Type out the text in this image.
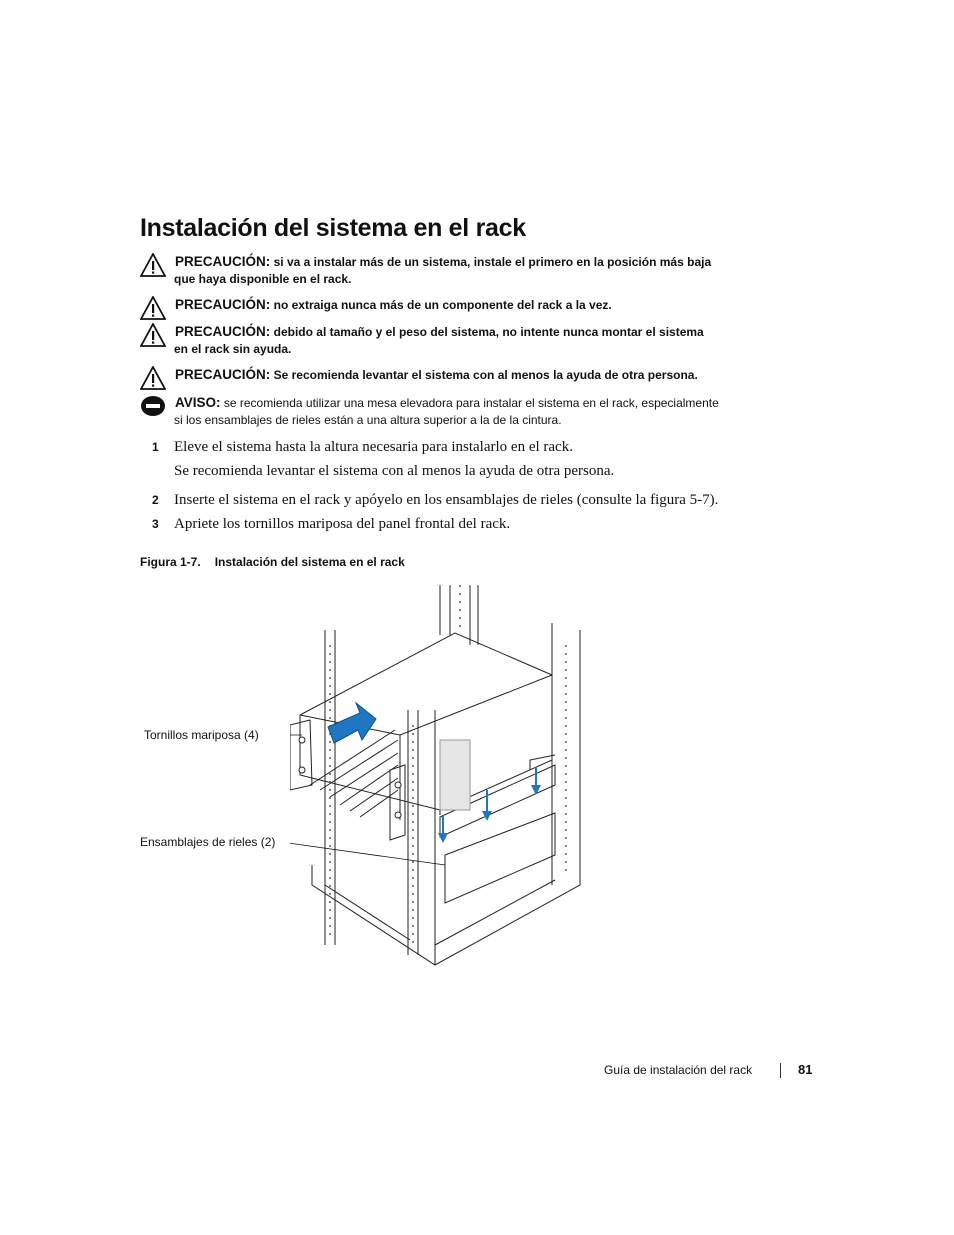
Instalación del sistema en el rack
PRECAUCIÓN: si va a instalar más de un sistema, instale el primero en la posición más baja
que haya disponible en el rack.
PRECAUCIÓN: no extraiga nunca más de un componente del rack a la vez.
PRECAUCIÓN: debido al tamaño y el peso del sistema, no intente nunca montar el sistema
en el rack sin ayuda.
PRECAUCIÓN: Se recomienda levantar el sistema con al menos la ayuda de otra persona.
AVISO: se recomienda utilizar una mesa elevadora para instalar el sistema en el rack, especialmente
si los ensamblajes de rieles están a una altura superior a la de la cintura.
1 Eleve el sistema hasta la altura necesaria para instalarlo en el rack.
Se recomienda levantar el sistema con al menos la ayuda de otra persona.
2 Inserte el sistema en el rack y apóyelo en los ensamblajes de rieles (consulte la figura 5-7).
3 Apriete los tornillos mariposa del panel frontal del rack.
Figura 1-7. Instalación del sistema en el rack
Tornillos mariposa (4)
Ensamblajes de rieles (2)
Guía de instalación del rack	81
